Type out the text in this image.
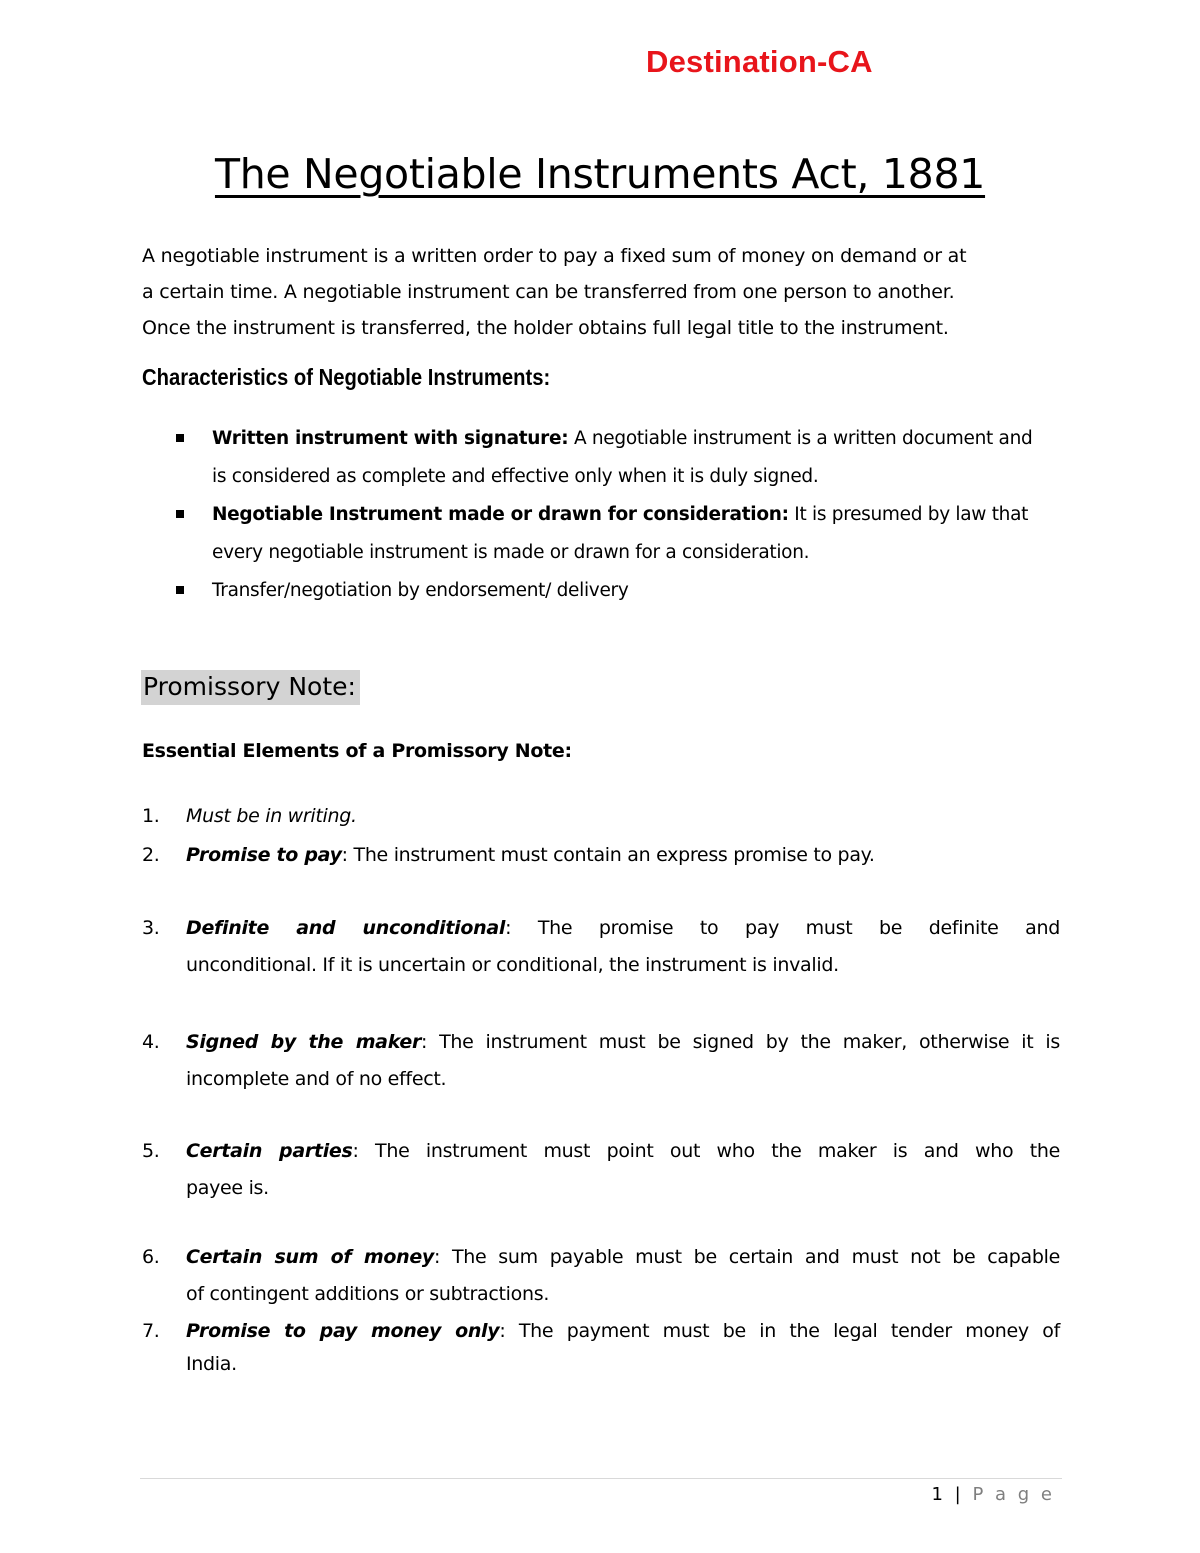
Destination-CA
The Negotiable Instruments Act, 1881
A negotiable instrument is a written order to pay a fixed sum of money on demand or at
a certain time. A negotiable instrument can be transferred from one person to another.
Once the instrument is transferred, the holder obtains full legal title to the instrument.
Characteristics of Negotiable Instruments:
Written instrument with signature: A negotiable instrument is a written document and
is considered as complete and effective only when it is duly signed.
Negotiable Instrument made or drawn for consideration: It is presumed by law that
every negotiable instrument is made or drawn for a consideration.
Transfer/negotiation by endorsement/ delivery
Promissory Note:
Essential Elements of a Promissory Note:
1. Must be in writing.
2. Promise to pay: The instrument must contain an express promise to pay.
3. Definite and unconditional: The promise to pay must be definite and
unconditional. If it is uncertain or conditional, the instrument is invalid.
4. Signed by the maker: The instrument must be signed by the maker, otherwise it is
incomplete and of no effect.
5. Certain parties: The instrument must point out who the maker is and who the
payee is.
6. Certain sum of money: The sum payable must be certain and must not be capable
of contingent additions or subtractions.
7. Promise to pay money only: The payment must be in the legal tender money of
India.
1 | P a g e
